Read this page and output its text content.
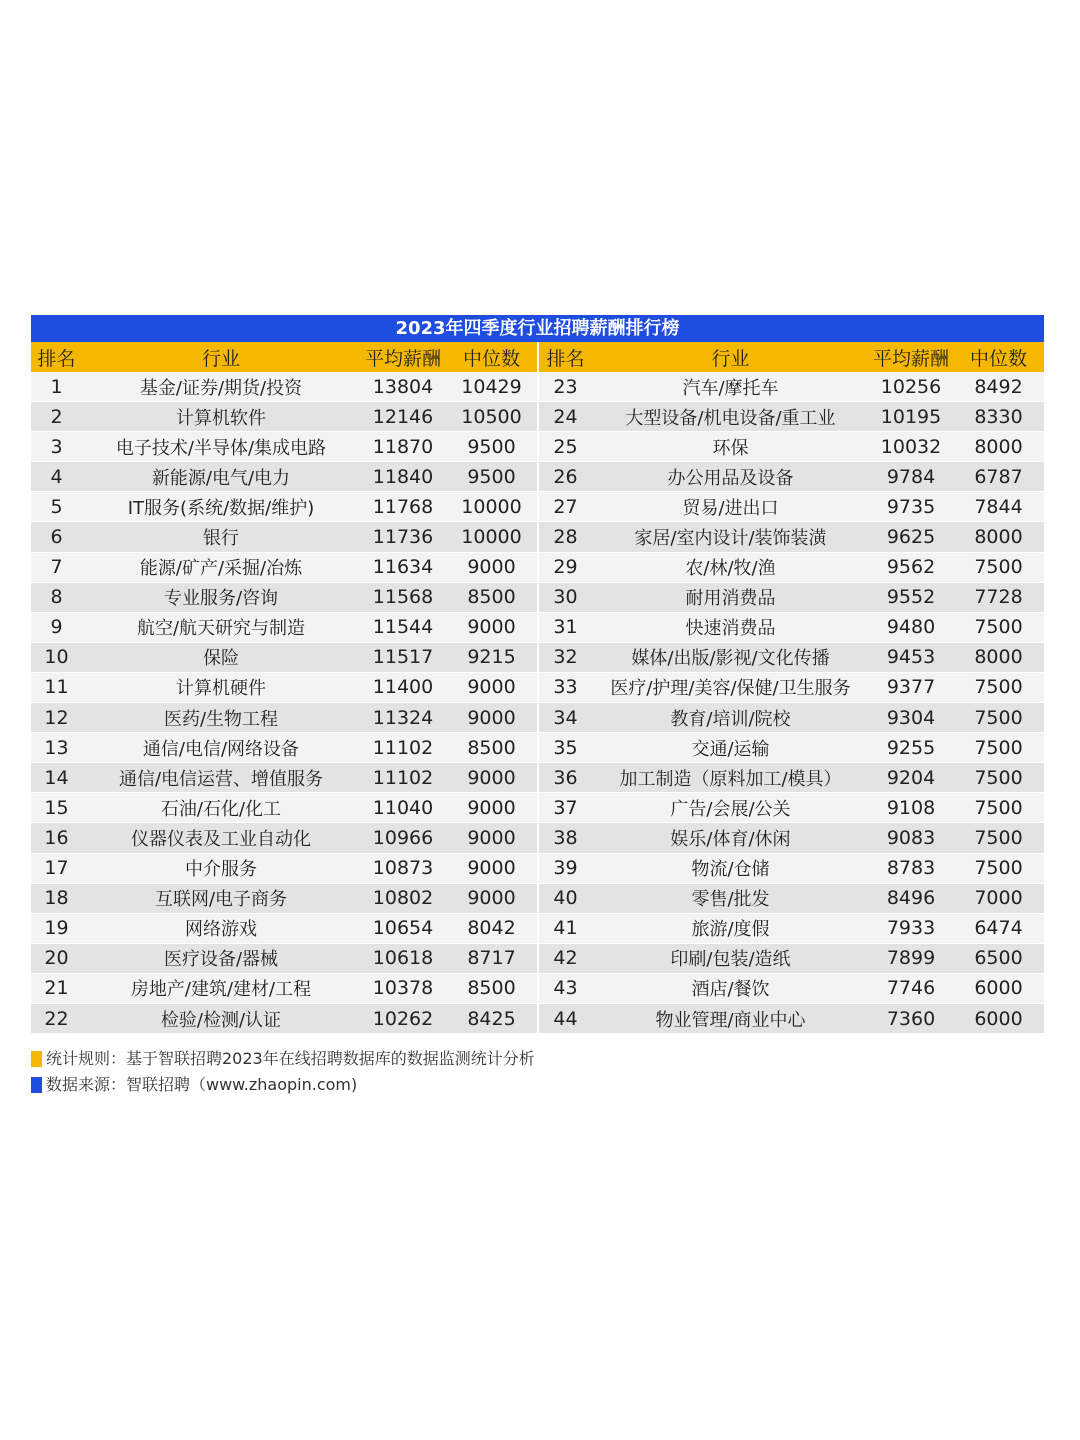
2023年四季度行业招聘薪酬排行榜
排名	行业	平均薪酬	中位数	排名	行业	平均薪酬	中位数
1	基金/证券/期货/投资	13804	10429	23	汽车/摩托车	10256	8492
2	计算机软件	12146	10500	24	大型设备/机电设备/重工业	10195	8330
3	电子技术/半导体/集成电路	11870	9500	25	环保	10032	8000
4	新能源/电气/电力	11840	9500	26	办公用品及设备	9784	6787
5	IT服务(系统/数据/维护)	11768	10000	27	贸易/进出口	9735	7844
6	银行	11736	10000	28	家居/室内设计/装饰装潢	9625	8000
7	能源/矿产/采掘/冶炼	11634	9000	29	农/林/牧/渔	9562	7500
8	专业服务/咨询	11568	8500	30	耐用消费品	9552	7728
9	航空/航天研究与制造	11544	9000	31	快速消费品	9480	7500
10	保险	11517	9215	32	媒体/出版/影视/文化传播	9453	8000
11	计算机硬件	11400	9000	33	医疗/护理/美容/保健/卫生服务	9377	7500
12	医药/生物工程	11324	9000	34	教育/培训/院校	9304	7500
13	通信/电信/网络设备	11102	8500	35	交通/运输	9255	7500
14	通信/电信运营、增值服务	11102	9000	36	加工制造（原料加工/模具）	9204	7500
15	石油/石化/化工	11040	9000	37	广告/会展/公关	9108	7500
16	仪器仪表及工业自动化	10966	9000	38	娱乐/体育/休闲	9083	7500
17	中介服务	10873	9000	39	物流/仓储	8783	7500
18	互联网/电子商务	10802	9000	40	零售/批发	8496	7000
19	网络游戏	10654	8042	41	旅游/度假	7933	6474
20	医疗设备/器械	10618	8717	42	印刷/包装/造纸	7899	6500
21	房地产/建筑/建材/工程	10378	8500	43	酒店/餐饮	7746	6000
22	检验/检测/认证	10262	8425	44	物业管理/商业中心	7360	6000
统计规则：基于智联招聘2023年在线招聘数据库的数据监测统计分析
数据来源：智联招聘（www.zhaopin.com)
